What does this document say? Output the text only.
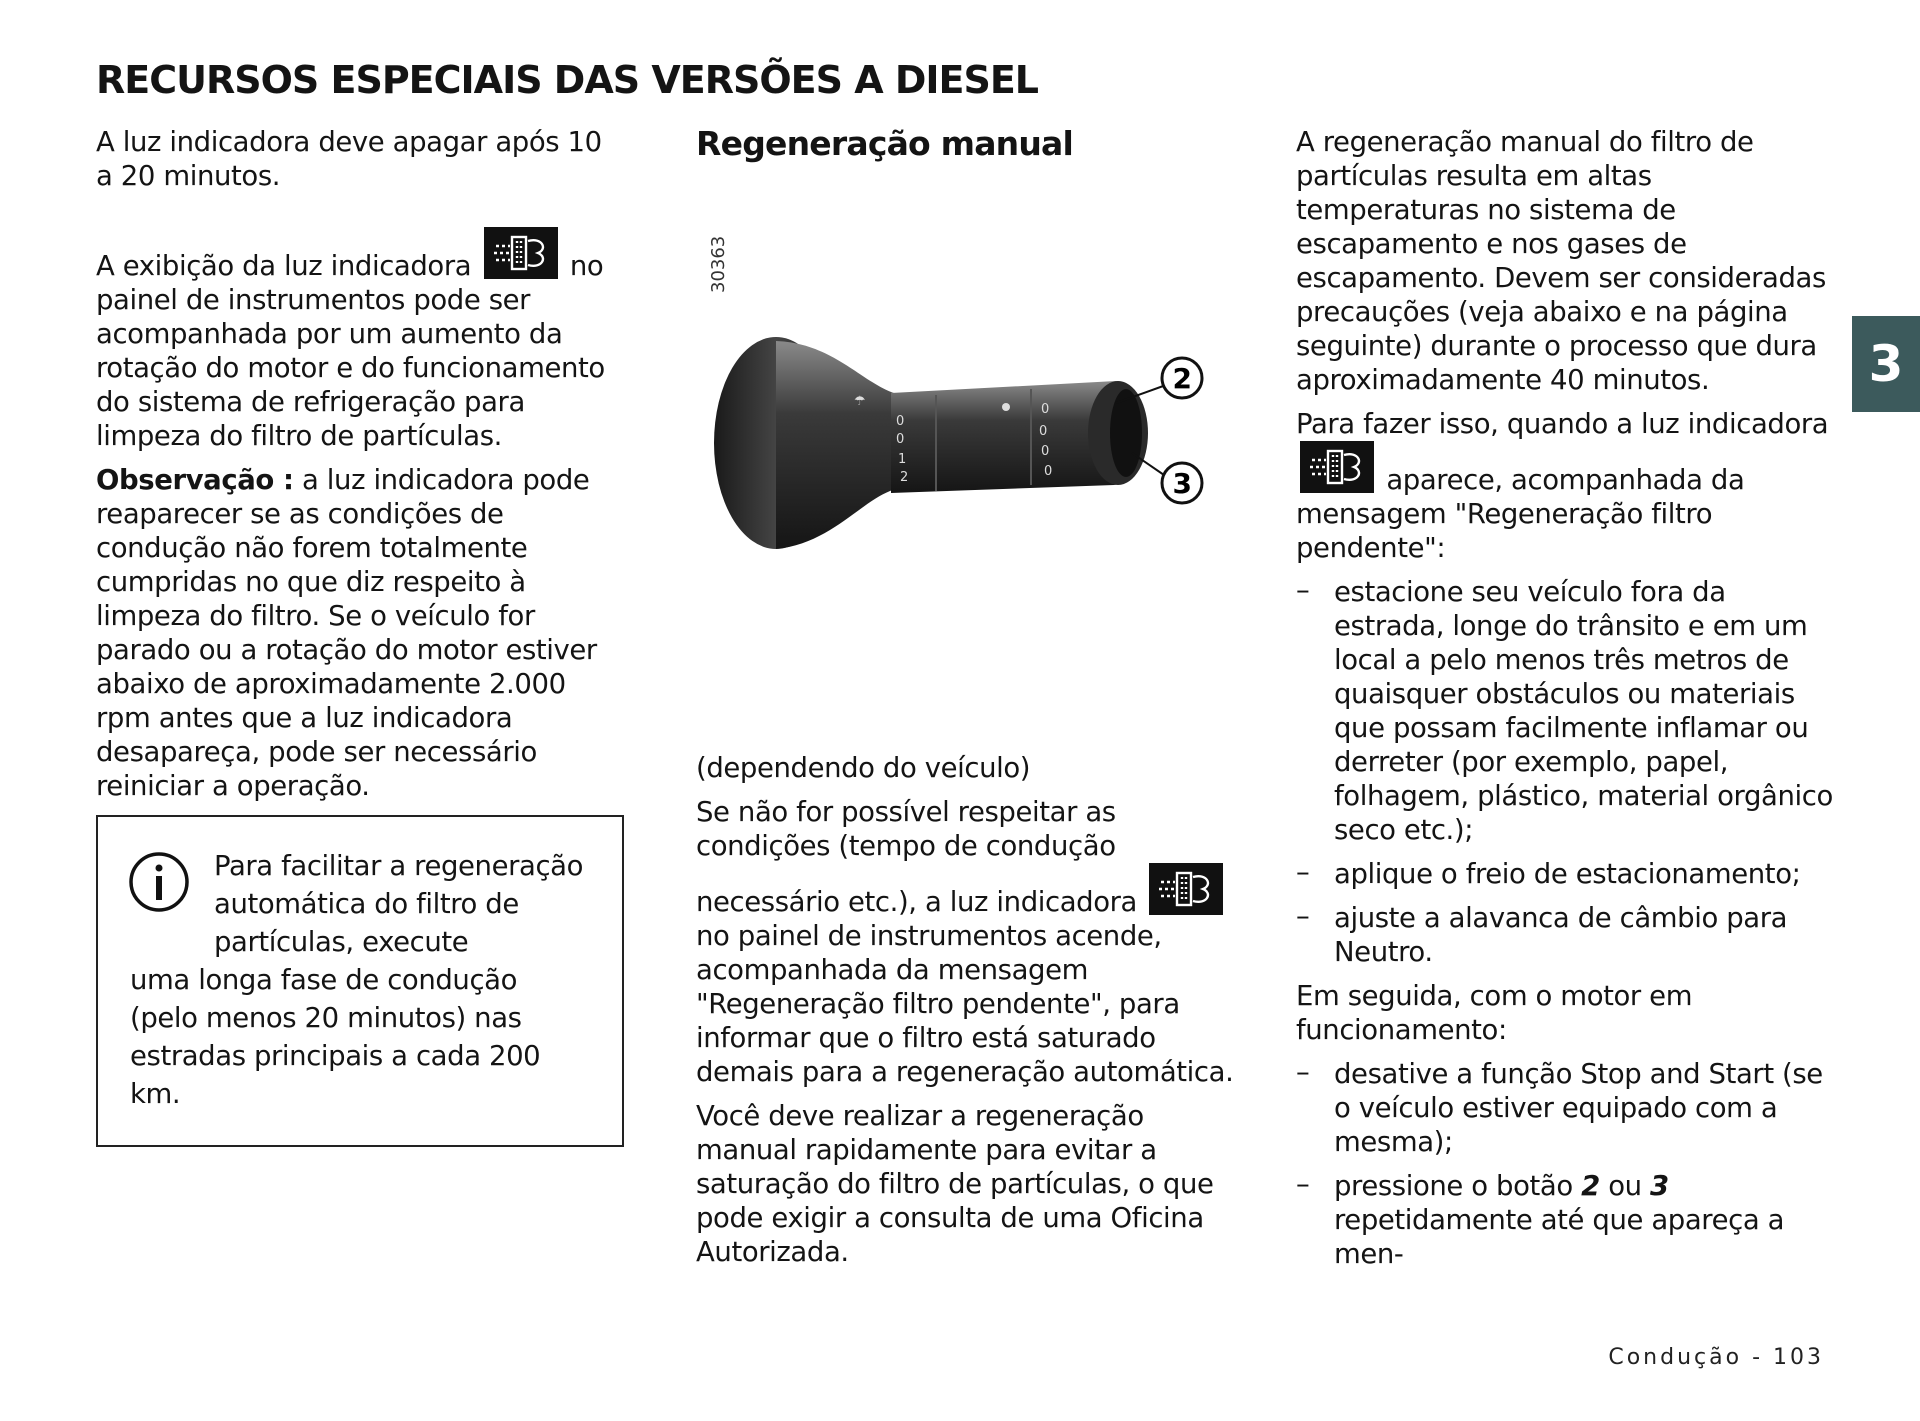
RECURSOS ESPECIAIS DAS VERSÕES A DIESEL
3
A luz indicadora deve apagar após 10 a 20 minutos.
A exibição da luz indicadora	no painel de instrumentos pode ser acompanhada por um aumento da rotação do motor e do funcionamento do sistema de refrigeração para limpeza do filtro de partículas.
Observação : a luz indicadora pode reaparecer se as condições de condução não forem totalmente cumpridas no que diz respeito à limpeza do filtro. Se o veículo for parado ou a rotação do motor estiver abaixo de aproximadamente 2.000 rpm antes que a luz indicadora desapareça, pode ser necessário reiniciar a operação.
Para facilitar a regeneração automática do filtro de partículas, execute
uma longa fase de condução (pelo menos 20 minutos) nas estradas principais a cada 200 km.
Regeneração manual
30363
☂
0
0
1
2
0
0
0
0
2
3
(dependendo do veículo)
Se não for possível respeitar as condições (tempo de condução necessário etc.), a luz indicadora
no painel de instrumentos acende, acompanhada da mensagem "Regeneração filtro pendente", para informar que o filtro está saturado demais para a regeneração automática.
Você deve realizar a regeneração manual rapidamente para evitar a saturação do filtro de partículas, o que pode exigir a consulta de uma Oficina Autorizada.
A regeneração manual do filtro de partículas resulta em altas temperaturas no sistema de escapamento e nos gases de escapamento. Devem ser consideradas precauções (veja abaixo e na página seguinte) durante o processo que dura aproximadamente 40 minutos.
Para fazer isso, quando a luz indicadora
aparece, acompanhada da mensagem "Regeneração filtro pendente":
– estacione seu veículo fora da estrada, longe do trânsito e em um local a pelo menos três metros de quaisquer obstáculos ou materiais que possam facilmente inflamar ou derreter (por exemplo, papel, folhagem, plástico, material orgânico seco etc.);
– aplique o freio de estacionamento;
– ajuste a alavanca de câmbio para Neutro.
Em seguida, com o motor em funcionamento:
– desative a função Stop and Start (se o veículo estiver equipado com a mesma);
– pressione o botão 2 ou 3 repetidamente até que apareça a men-
Condução - 103
